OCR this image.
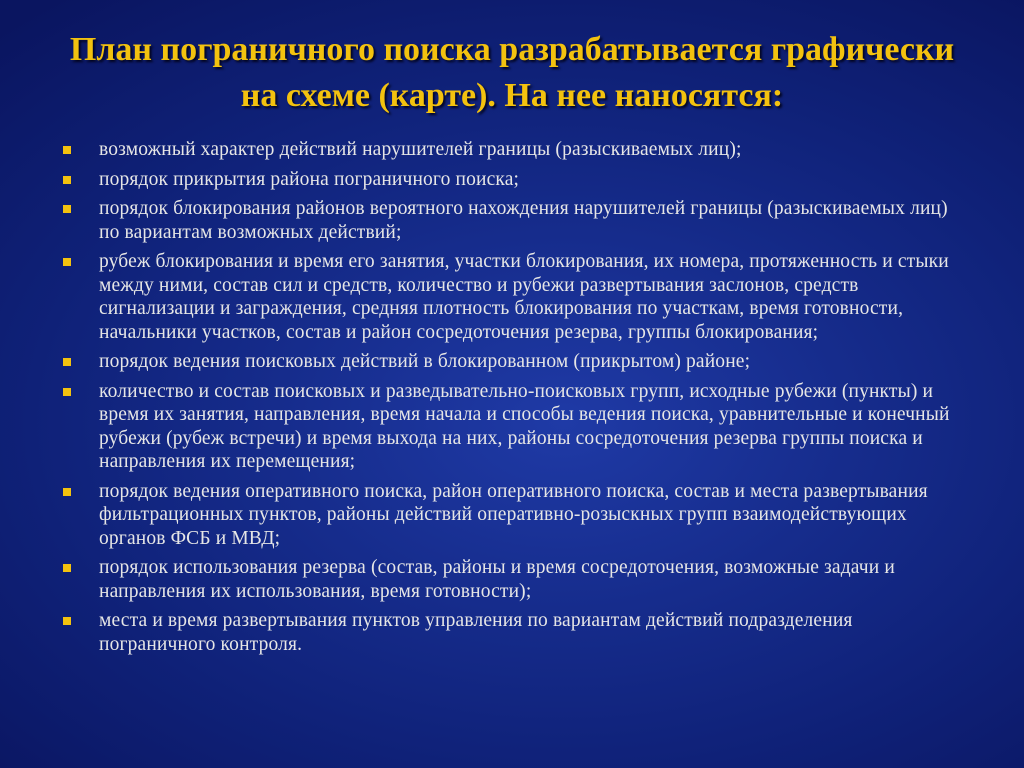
План пограничного поиска разрабатывается графически на схеме (карте). На нее наносятся:
возможный характер действий нарушителей границы (разыскиваемых лиц);
порядок прикрытия района пограничного поиска;
порядок блокирования районов вероятного нахождения нарушителей границы (разыскиваемых лиц) по вариантам возможных действий;
рубеж блокирования и время его занятия, участки блокирования, их номера, протяженность и стыки между ними, состав сил и средств, количество и рубежи развертывания заслонов, средств сигнализации и заграждения, средняя плотность блокирования по участкам, время готовности, начальники участков, состав и район сосредоточения резерва, группы блокирования;
порядок ведения поисковых действий в блокированном (прикрытом) районе;
количество и состав поисковых и разведывательно-поисковых групп, исходные рубежи (пункты) и время их занятия, направления, время начала и способы ведения поиска, уравнительные и конечный рубежи (рубеж встречи) и время выхода на них, районы сосредоточения резерва группы поиска и направления их перемещения;
порядок ведения оперативного поиска, район оперативного поиска, состав и места развертывания фильтрационных пунктов, районы действий оперативно-розыскных групп взаимодействующих органов ФСБ и МВД;
порядок использования резерва (состав, районы и время сосредоточения, возможные задачи и направления их использования, время готовности);
места и время развертывания пунктов управления по вариантам действий подразделения пограничного контроля.
